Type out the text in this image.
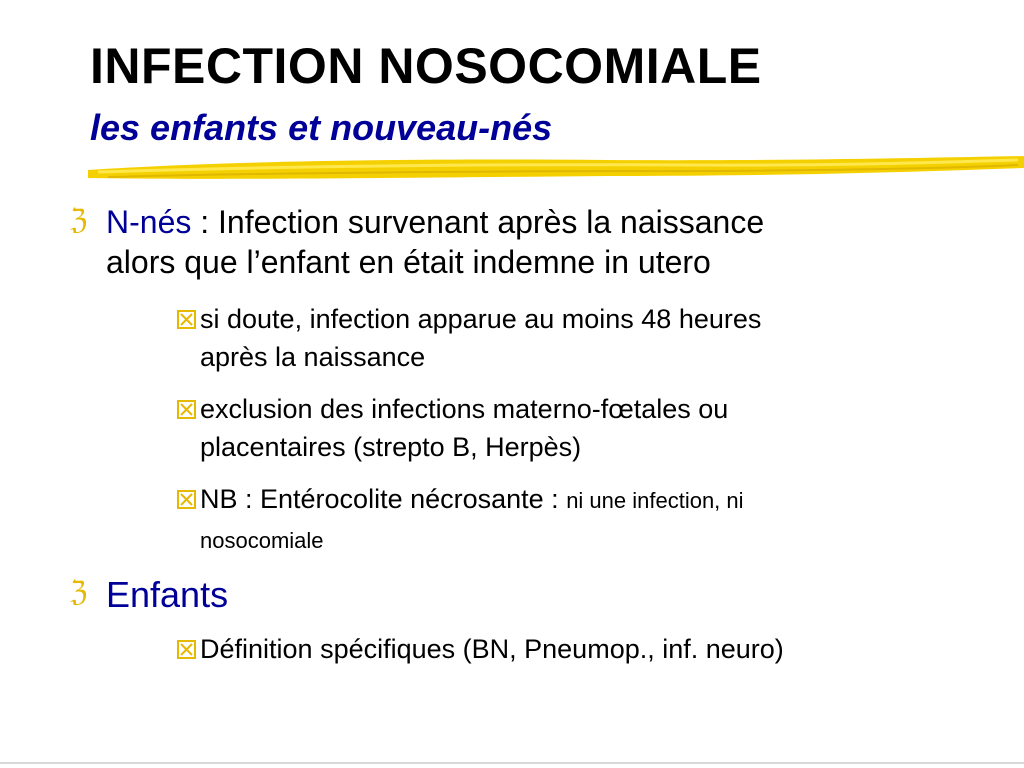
INFECTION NOSOCOMIALE
les enfants et nouveau-nés
ℨ N-nés : Infection survenant après la naissance
alors que l’enfant en était indemne in utero
si doute, infection apparue au moins 48 heures
après la naissance
exclusion des infections materno-fœtales ou
placentaires (strepto B, Herpès)
NB : Entérocolite nécrosante : ni une infection, ni
nosocomiale
ℨ Enfants
Définition spécifiques (BN, Pneumop., inf. neuro)
